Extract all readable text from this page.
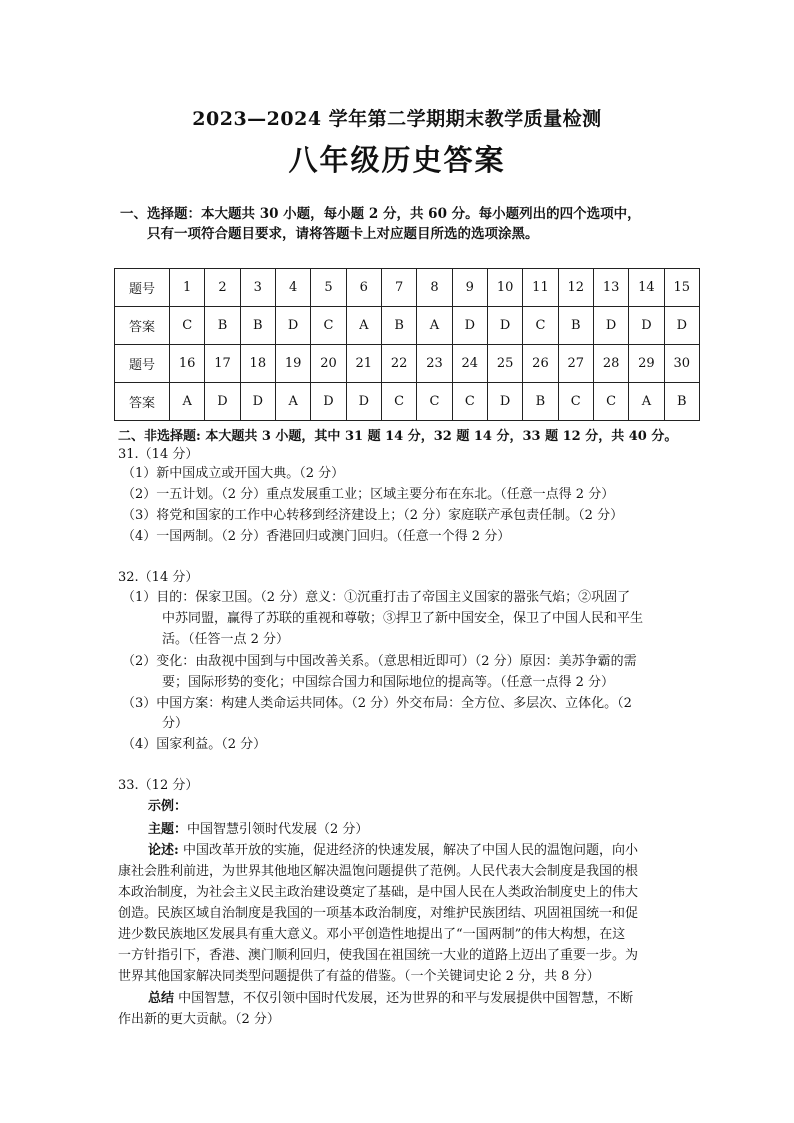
2023—2024 学年第二学期期末教学质量检测
八年级历史答案
一、选择题：本大题共 30 小题，每小题 2 分，共 60 分。每小题列出的四个选项中，
只有一项符合题目要求，请将答题卡上对应题目所选的选项涂黑。
题号	1	2	3	4	5	6	7	8	9	10	11	12	13	14	15
答案	C	B	B	D	C	A	B	A	D	D	C	B	D	D	D
题号	16	17	18	19	20	21	22	23	24	25	26	27	28	29	30
答案	A	D	D	A	D	D	C	C	C	D	B	C	C	A	B
二、非选择题: 本大题共 3 小题，其中 31 题 14 分，32 题 14 分，33 题 12 分，共 40 分。
31.（14 分）
（1）新中国成立或开国大典。（2 分）
（2）一五计划。（2 分）重点发展重工业；区域主要分布在东北。（任意一点得 2 分）
（3）将党和国家的工作中心转移到经济建设上；（2 分）家庭联产承包责任制。（2 分）
（4）一国两制。（2 分）香港回归或澳门回归。（任意一个得 2 分）
32.（14 分）
（1）目的：保家卫国。（2 分）意义：①沉重打击了帝国主义国家的嚣张气焰；②巩固了
中苏同盟，赢得了苏联的重视和尊敬；③捍卫了新中国安全，保卫了中国人民和平生
活。（任答一点 2 分）
（2）变化：由敌视中国到与中国改善关系。（意思相近即可）（2 分）原因：美苏争霸的需
要；国际形势的变化；中国综合国力和国际地位的提高等。（任意一点得 2 分）
（3）中国方案：构建人类命运共同体。（2 分）外交布局：全方位、多层次、立体化。（2
分）
（4）国家利益。（2 分）
33.（12 分）
示例：
主题：中国智慧引领时代发展（2 分）
论述: 中国改革开放的实施，促进经济的快速发展，解决了中国人民的温饱问题，向小
康社会胜利前进，为世界其他地区解决温饱问题提供了范例。人民代表大会制度是我国的根
本政治制度，为社会主义民主政治建设奠定了基础，是中国人民在人类政治制度史上的伟大
创造。民族区域自治制度是我国的一项基本政治制度，对维护民族团结、巩固祖国统一和促
进少数民族地区发展具有重大意义。邓小平创造性地提出了“一国两制”的伟大构想，在这
一方针指引下，香港、澳门顺利回归，使我国在祖国统一大业的道路上迈出了重要一步。为
世界其他国家解决同类型问题提供了有益的借鉴。（一个关键词史论 2 分，共 8 分）
总结 中国智慧，不仅引领中国时代发展，还为世界的和平与发展提供中国智慧，不断
作出新的更大贡献。（2 分）
